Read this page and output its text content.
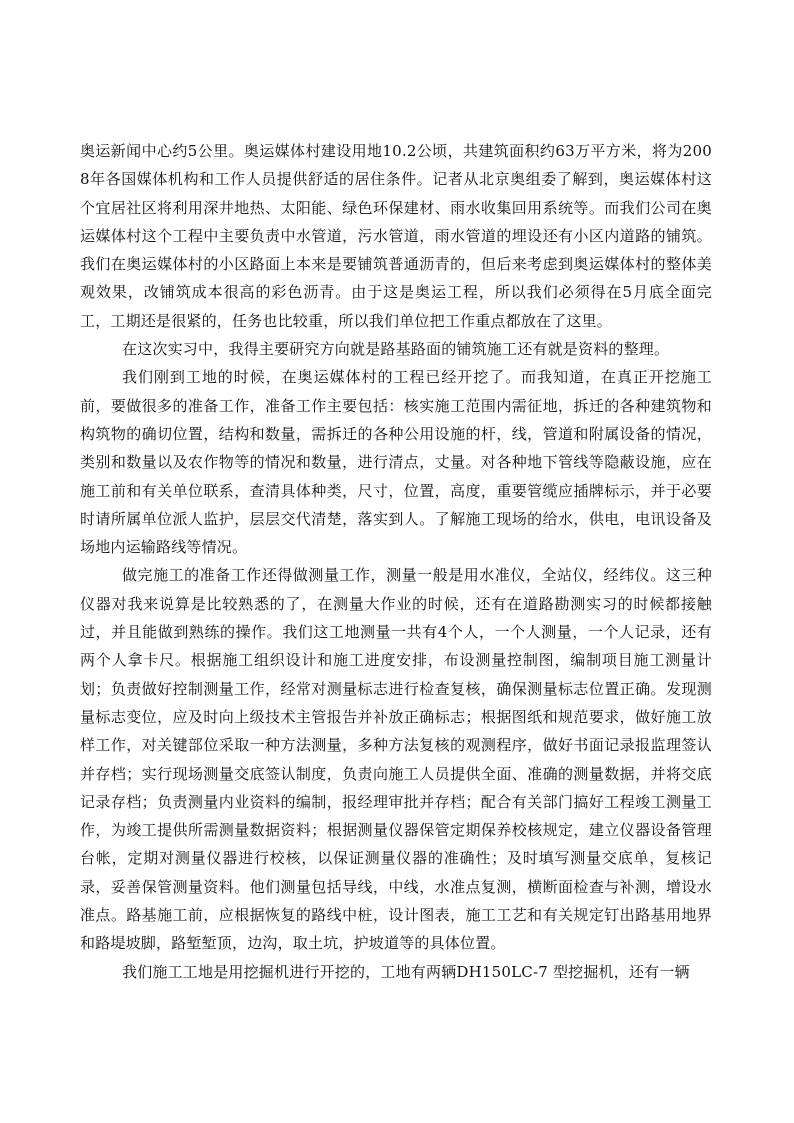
奥运新闻中心约5公里。奥运媒体村建设用地10.2公顷，共建筑面积约63万平方米，将为2008年各国媒体机构和工作人员提供舒适的居住条件。记者从北京奥组委了解到，奥运媒体村这个宜居社区将利用深井地热、太阳能、绿色环保建材、雨水收集回用系统等。而我们公司在奥运媒体村这个工程中主要负责中水管道，污水管道，雨水管道的埋设还有小区内道路的铺筑。我们在奥运媒体村的小区路面上本来是要铺筑普通沥青的，但后来考虑到奥运媒体村的整体美观效果，改铺筑成本很高的彩色沥青。由于这是奥运工程，所以我们必须得在5月底全面完工，工期还是很紧的，任务也比较重，所以我们单位把工作重点都放在了这里。

在这次实习中，我得主要研究方向就是路基路面的铺筑施工还有就是资料的整理。

我们刚到工地的时候，在奥运媒体村的工程已经开挖了。而我知道，在真正开挖施工前，要做很多的准备工作，准备工作主要包括：核实施工范围内需征地，拆迁的各种建筑物和构筑物的确切位置，结构和数量，需拆迁的各种公用设施的杆，线，管道和附属设备的情况，类别和数量以及农作物等的情况和数量，进行清点，丈量。对各种地下管线等隐蔽设施，应在施工前和有关单位联系，查清具体种类，尺寸，位置，高度，重要管缆应插牌标示，并于必要时请所属单位派人监护，层层交代清楚，落实到人。了解施工现场的给水，供电，电讯设备及场地内运输路线等情况。

做完施工的准备工作还得做测量工作，测量一般是用水准仪，全站仪，经纬仪。这三种仪器对我来说算是比较熟悉的了，在测量大作业的时候，还有在道路勘测实习的时候都接触过，并且能做到熟练的操作。我们这工地测量一共有4个人，一个人测量，一个人记录，还有两个人拿卡尺。根据施工组织设计和施工进度安排，布设测量控制图，编制项目施工测量计划；负责做好控制测量工作，经常对测量标志进行检查复核，确保测量标志位置正确。发现测量标志变位，应及时向上级技术主管报告并补放正确标志；根据图纸和规范要求，做好施工放样工作，对关键部位采取一种方法测量，多种方法复核的观测程序，做好书面记录报监理签认并存档；实行现场测量交底签认制度，负责向施工人员提供全面、准确的测量数据，并将交底记录存档；负责测量内业资料的编制，报经理审批并存档；配合有关部门搞好工程竣工测量工作，为竣工提供所需测量数据资料；根据测量仪器保管定期保养校核规定，建立仪器设备管理台帐，定期对测量仪器进行校核，以保证测量仪器的准确性；及时填写测量交底单，复核记录，妥善保管测量资料。他们测量包括导线，中线，水准点复测，横断面检查与补测，增设水准点。路基施工前，应根据恢复的路线中桩，设计图表，施工工艺和有关规定钉出路基用地界和路堤坡脚，路堑堑顶，边沟，取土坑，护坡道等的具体位置。

我们施工工地是用挖掘机进行开挖的，工地有两辆DH150LC-7 型挖掘机，还有一辆
